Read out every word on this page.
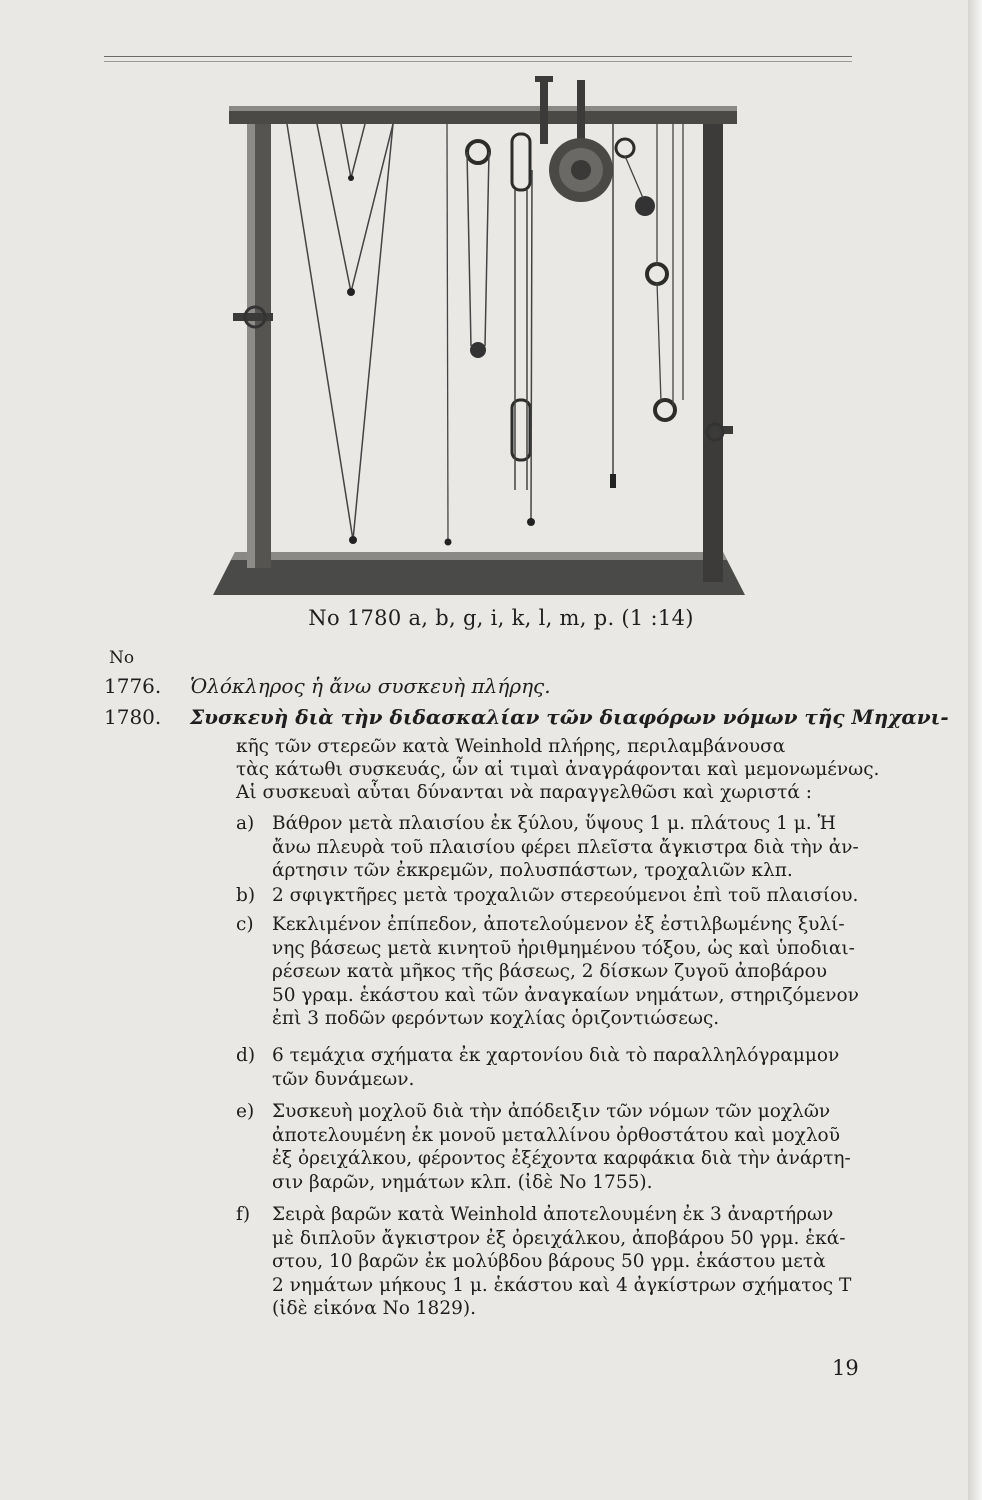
No 1780 a, b, g, i, k, l, m, p. (1 :14)
No
1776. Ὁλόκληρος ἡ ἄνω συσκευὴ πλήρης.
1780. Συσκευὴ διὰ τὴν διδασκαλίαν τῶν διαφόρων νόμων τῆς Μηχανι-
κῆς τῶν στερεῶν κατὰ Weinhold πλήρης, περιλαμβάνουσα
τὰς κάτωθι συσκευάς, ὧν αἱ τιμαὶ ἀναγράφονται καὶ μεμονωμένως.
Αἱ συσκευαὶ αὗται δύνανται νὰ παραγγελθῶσι καὶ χωριστά :
a) Βάθρον μετὰ πλαισίου ἐκ ξύλου, ὕψους 1 μ. πλάτους 1 μ. Ἡ
ἄνω πλευρὰ τοῦ πλαισίου φέρει πλεῖστα ἄγκιστρα διὰ τὴν ἀν-
άρτησιν τῶν ἐκκρεμῶν, πολυσπάστων, τροχαλιῶν κλπ.
b) 2 σφιγκτῆρες μετὰ τροχαλιῶν στερεούμενοι ἐπὶ τοῦ πλαισίου.
c) Κεκλιμένον ἐπίπεδον, ἀποτελούμενον ἐξ ἐστιλβωμένης ξυλί-
νης βάσεως μετὰ κινητοῦ ἠριθμημένου τόξου, ὡς καὶ ὑποδιαι-
ρέσεων κατὰ μῆκος τῆς βάσεως, 2 δίσκων ζυγοῦ ἀποβάρου
50 γραμ. ἑκάστου καὶ τῶν ἀναγκαίων νημάτων, στηριζόμενον
ἐπὶ 3 ποδῶν φερόντων κοχλίας ὁριζοντιώσεως.
d) 6 τεμάχια σχήματα ἐκ χαρτονίου διὰ τὸ παραλληλόγραμμον
τῶν δυνάμεων.
e) Συσκευὴ μοχλοῦ διὰ τὴν ἀπόδειξιν τῶν νόμων τῶν μοχλῶν
ἀποτελουμένη ἐκ μονοῦ μεταλλίνου ὀρθοστάτου καὶ μοχλοῦ
ἐξ ὀρειχάλκου, φέροντος ἐξέχοντα καρφάκια διὰ τὴν ἀνάρτη-
σιν βαρῶν, νημάτων κλπ. (ἰδὲ Νο 1755).
f)	Σειρὰ βαρῶν κατὰ Weinhold ἀποτελουμένη ἐκ 3 ἀναρτήρων
μὲ διπλοῦν ἄγκιστρον ἐξ ὀρειχάλκου, ἀποβάρου 50 γρμ. ἑκά-
στου, 10 βαρῶν ἐκ μολύβδου βάρους 50 γρμ. ἑκάστου μετὰ
2 νημάτων μήκους 1 μ. ἑκάστου καὶ 4 ἀγκίστρων σχήματος Τ
(ἰδὲ εἰκόνα Νο 1829).
19
